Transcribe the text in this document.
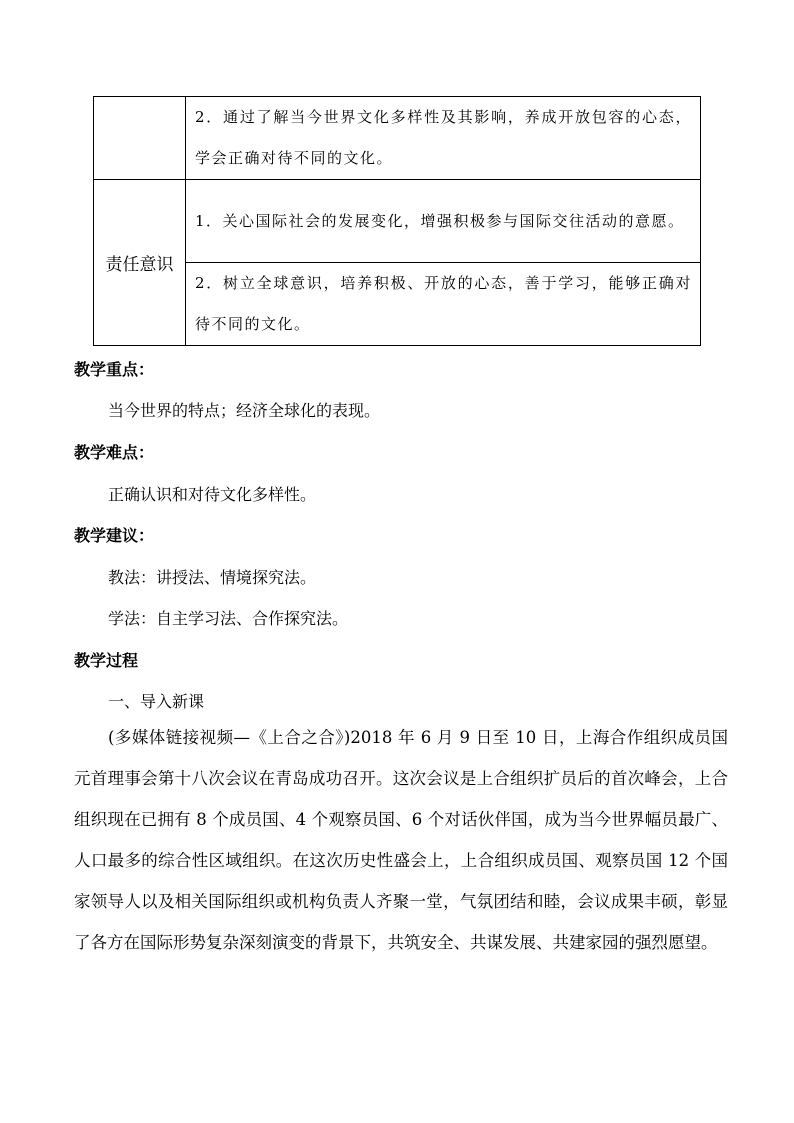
	2．通过了解当今世界文化多样性及其影响，养成开放包容的心态，学会正确对待不同的文化。
责任意识	1．关心国际社会的发展变化，增强积极参与国际交往活动的意愿。
	2．树立全球意识，培养积极、开放的心态，善于学习，能够正确对待不同的文化。

教学重点：

当今世界的特点；经济全球化的表现。

教学难点：

正确认识和对待文化多样性。

教学建议：

教法：讲授法、情境探究法。

学法：自主学习法、合作探究法。

教学过程

一、导入新课

(多媒体链接视频—《上合之合》)2018 年 6 月 9 日至 10 日，上海合作组织成员国元首理事会第十八次会议在青岛成功召开。这次会议是上合组织扩员后的首次峰会，上合组织现在已拥有 8 个成员国、4 个观察员国、6 个对话伙伴国，成为当今世界幅员最广、人口最多的综合性区域组织。在这次历史性盛会上，上合组织成员国、观察员国 12 个国家领导人以及相关国际组织或机构负责人齐聚一堂，气氛团结和睦，会议成果丰硕，彰显了各方在国际形势复杂深刻演变的背景下，共筑安全、共谋发展、共建家园的强烈愿望。
